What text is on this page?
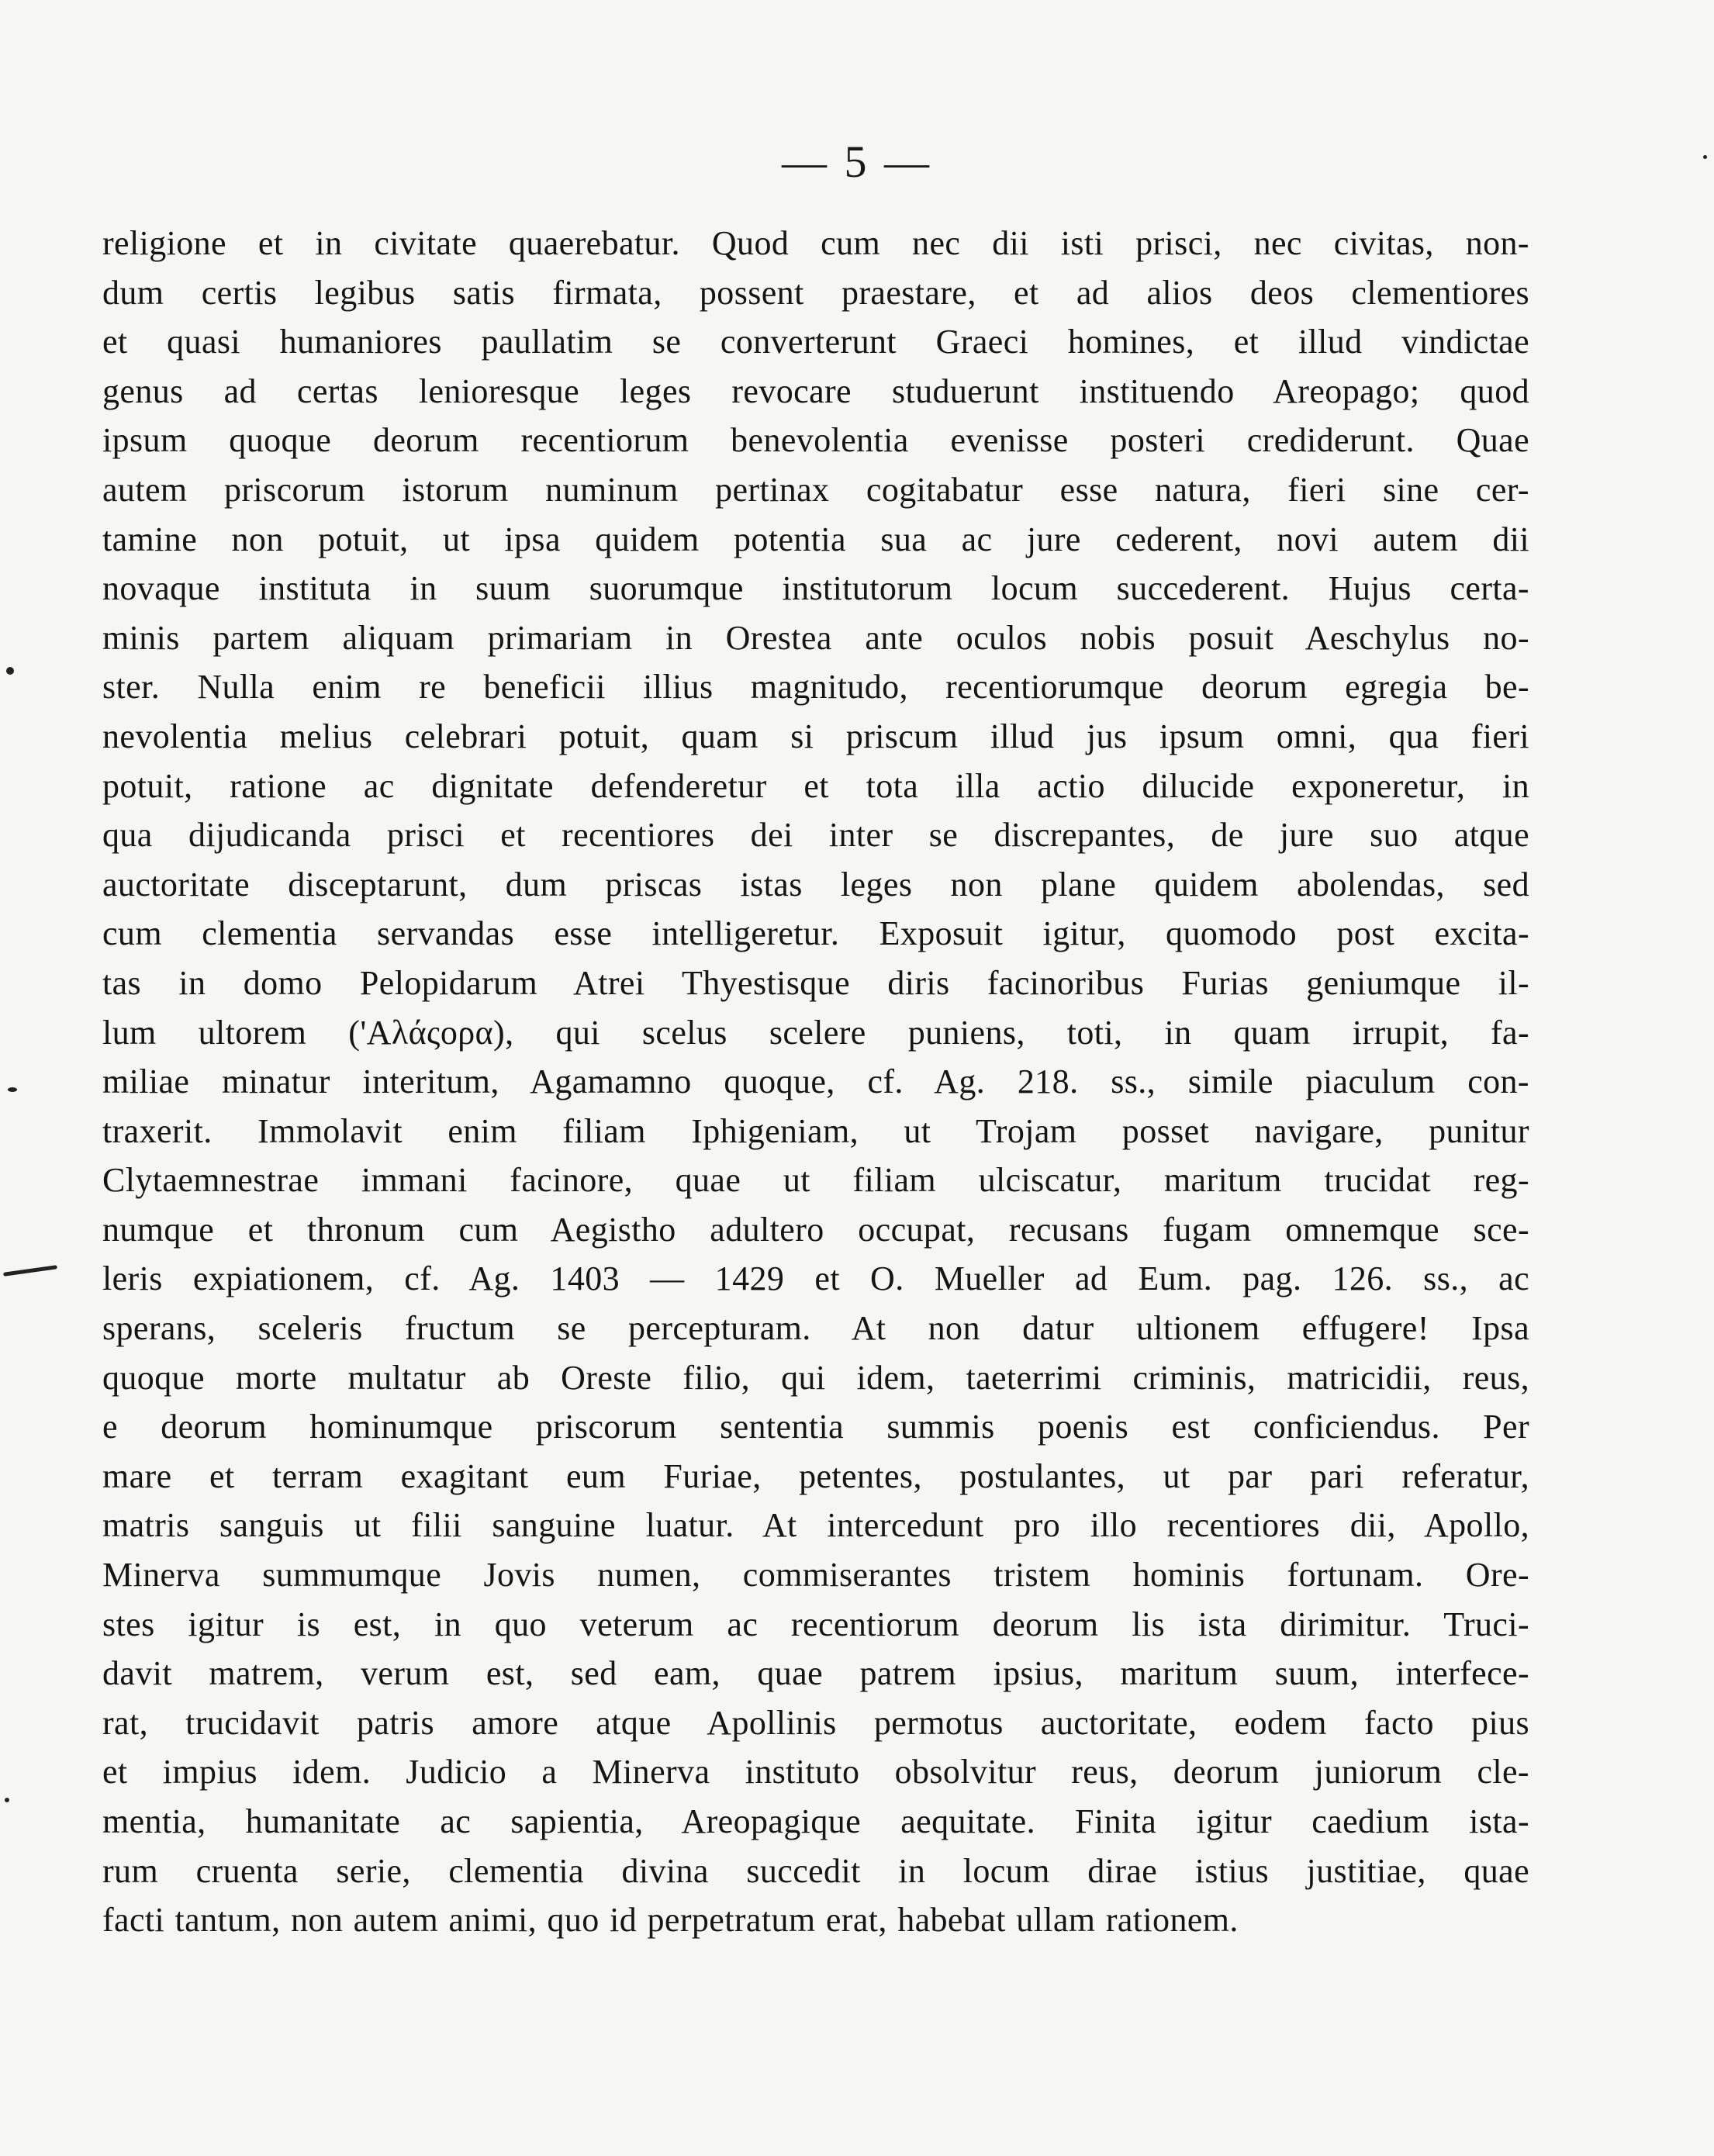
— 5 —
religione et in civitate quaerebatur. Quod cum nec dii isti prisci, nec civitas, non-
dum certis legibus satis firmata, possent praestare, et ad alios deos clementiores
et quasi humaniores paullatim se converterunt Graeci homines, et illud vindictae
genus ad certas lenioresque leges revocare studuerunt instituendo Areopago; quod
ipsum quoque deorum recentiorum benevolentia evenisse posteri crediderunt. Quae
autem priscorum istorum numinum pertinax cogitabatur esse natura, fieri sine cer-
tamine non potuit, ut ipsa quidem potentia sua ac jure cederent, novi autem dii
novaque instituta in suum suorumque institutorum locum succederent. Hujus certa-
minis partem aliquam primariam in Orestea ante oculos nobis posuit Aeschylus no-
ster. Nulla enim re beneficii illius magnitudo, recentiorumque deorum egregia be-
nevolentia melius celebrari potuit, quam si priscum illud jus ipsum omni, qua fieri
potuit, ratione ac dignitate defenderetur et tota illa actio dilucide exponeretur, in
qua dijudicanda prisci et recentiores dei inter se discrepantes, de jure suo atque
auctoritate disceptarunt, dum priscas istas leges non plane quidem abolendas, sed
cum clementia servandas esse intelligeretur. Exposuit igitur, quomodo post excita-
tas in domo Pelopidarum Atrei Thyestisque diris facinoribus Furias geniumque il-
lum ultorem ('Αλάςορα), qui scelus scelere puniens, toti, in quam irrupit, fa-
miliae minatur interitum, Agamamno quoque, cf. Ag. 218. ss., simile piaculum con-
traxerit. Immolavit enim filiam Iphigeniam, ut Trojam posset navigare, punitur
Clytaemnestrae immani facinore, quae ut filiam ulciscatur, maritum trucidat reg-
numque et thronum cum Aegistho adultero occupat, recusans fugam omnemque sce-
leris expiationem, cf. Ag. 1403 — 1429 et O. Mueller ad Eum. pag. 126. ss., ac
sperans, sceleris fructum se percepturam. At non datur ultionem effugere! Ipsa
quoque morte multatur ab Oreste filio, qui idem, taeterrimi criminis, matricidii, reus,
e deorum hominumque priscorum sententia summis poenis est conficiendus. Per
mare et terram exagitant eum Furiae, petentes, postulantes, ut par pari referatur,
matris sanguis ut filii sanguine luatur. At intercedunt pro illo recentiores dii, Apollo,
Minerva summumque Jovis numen, commiserantes tristem hominis fortunam. Ore-
stes igitur is est, in quo veterum ac recentiorum deorum lis ista dirimitur. Truci-
davit matrem, verum est, sed eam, quae patrem ipsius, maritum suum, interfece-
rat, trucidavit patris amore atque Apollinis permotus auctoritate, eodem facto pius
et impius idem. Judicio a Minerva instituto obsolvitur reus, deorum juniorum cle-
mentia, humanitate ac sapientia, Areopagique aequitate. Finita igitur caedium ista-
rum cruenta serie, clementia divina succedit in locum dirae istius justitiae, quae
facti tantum, non autem animi, quo id perpetratum erat, habebat ullam rationem.
